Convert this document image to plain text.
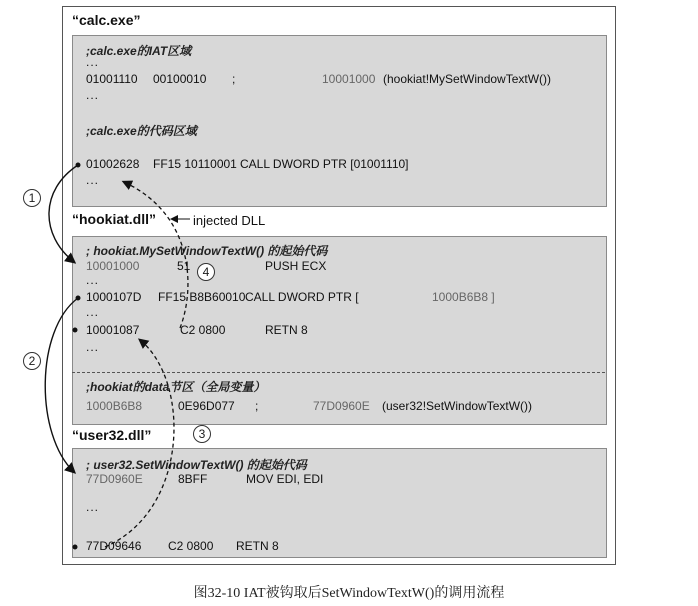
“calc.exe”
;calc.exe的IAT区域
...
01001110 00100010 ;	10001000 (hookiat!MySetWindowTextW())
...
;calc.exe的代码区域
01002628 FF15 10110001 CALL DWORD PTR [01001110]
...
“hookiat.dll”	injected DLL
; hookiat.MySetWindowTextW() 的起始代码
10001000	51	PUSH ECX
...
1000107D FF15 B8B60010 CALL DWORD PTR [	1000B6B8 ]
...
10001087	C2 0800	RETN 8
...
;hookiat的data节区（全局变量）
1000B6B8	0E96D077 ;	77D0960E (user32!SetWindowTextW())
“user32.dll”
; user32.SetWindowTextW() 的起始代码
77D0960E	8BFF	MOV EDI, EDI
...
77D09646 C2 0800 RETN 8
1
2
3
4
图32-10 IAT被钩取后SetWindowTextW()的调用流程
